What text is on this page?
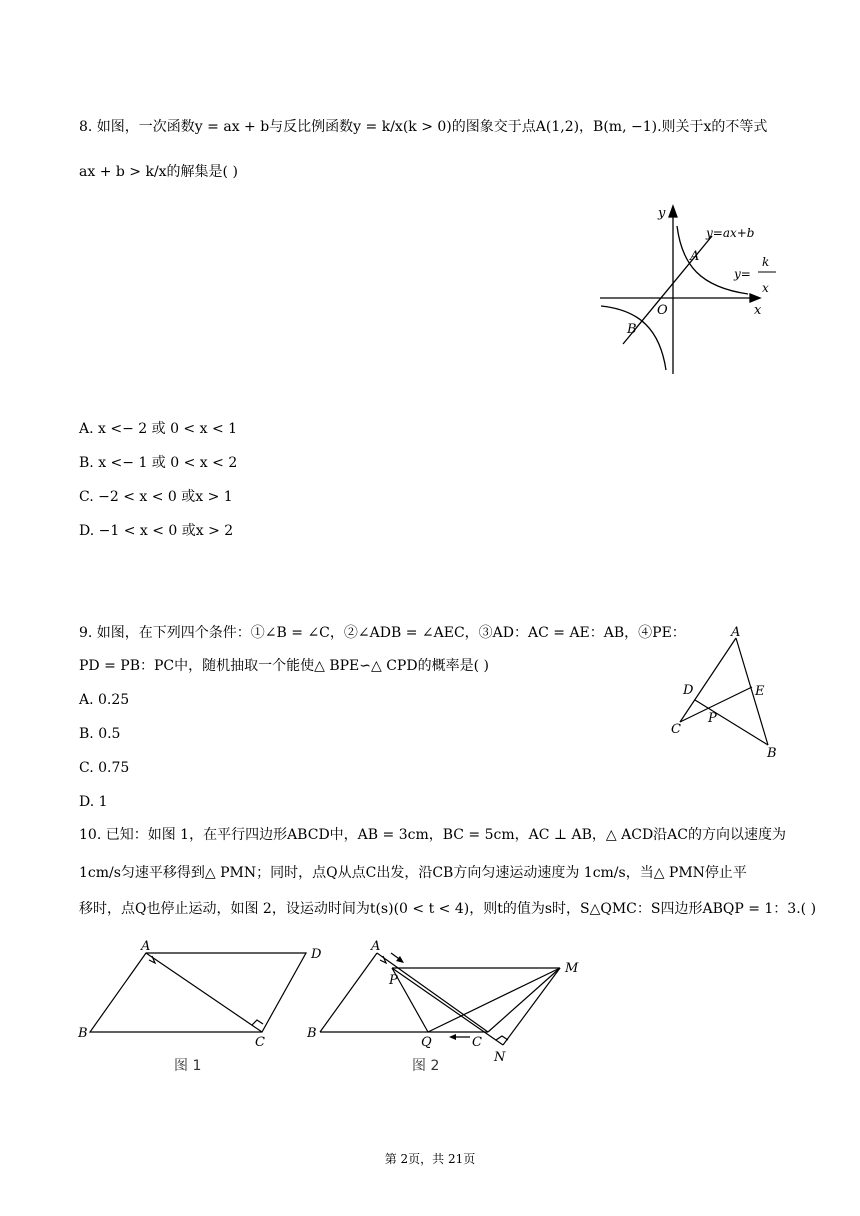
8. 如图，一次函数y = ax + b与反比例函数y = k/x(k > 0)的图象交于点A(1,2)，B(m, −1).则关于x的不等式
ax + b > k/x的解集是( )
y
x
O
A
B
y=ax+b
y=
k
x
A. x <− 2 或 0 < x < 1
B. x <− 1 或 0 < x < 2
C. −2 < x < 0 或x > 1
D. −1 < x < 0 或x > 2
9. 如图，在下列四个条件：①∠B = ∠C，②∠ADB = ∠AEC，③AD：AC = AE：AB，④PE：
PD = PB：PC中，随机抽取一个能使△ BPE∽△ CPD的概率是( )
A
B
C
D	E
P
A. 0.25
B. 0.5
C. 0.75
D. 1
10. 已知：如图 1，在平行四边形ABCD中，AB = 3cm，BC = 5cm，AC ⊥ AB，△ ACD沿AC的方向以速度为
1cm/s匀速平移得到△ PMN；同时，点Q从点C出发，沿CB方向匀速运动速度为 1cm/s，当△ PMN停止平
移时，点Q也停止运动，如图 2，设运动时间为t(s)(0 < t < 4)，则t的值为s时，S△QMC：S四边形ABQP = 1：3.( )
A
D
B
C
图 1
A
B
C
M
N
P
Q
图 2
第 2页，共 21页
